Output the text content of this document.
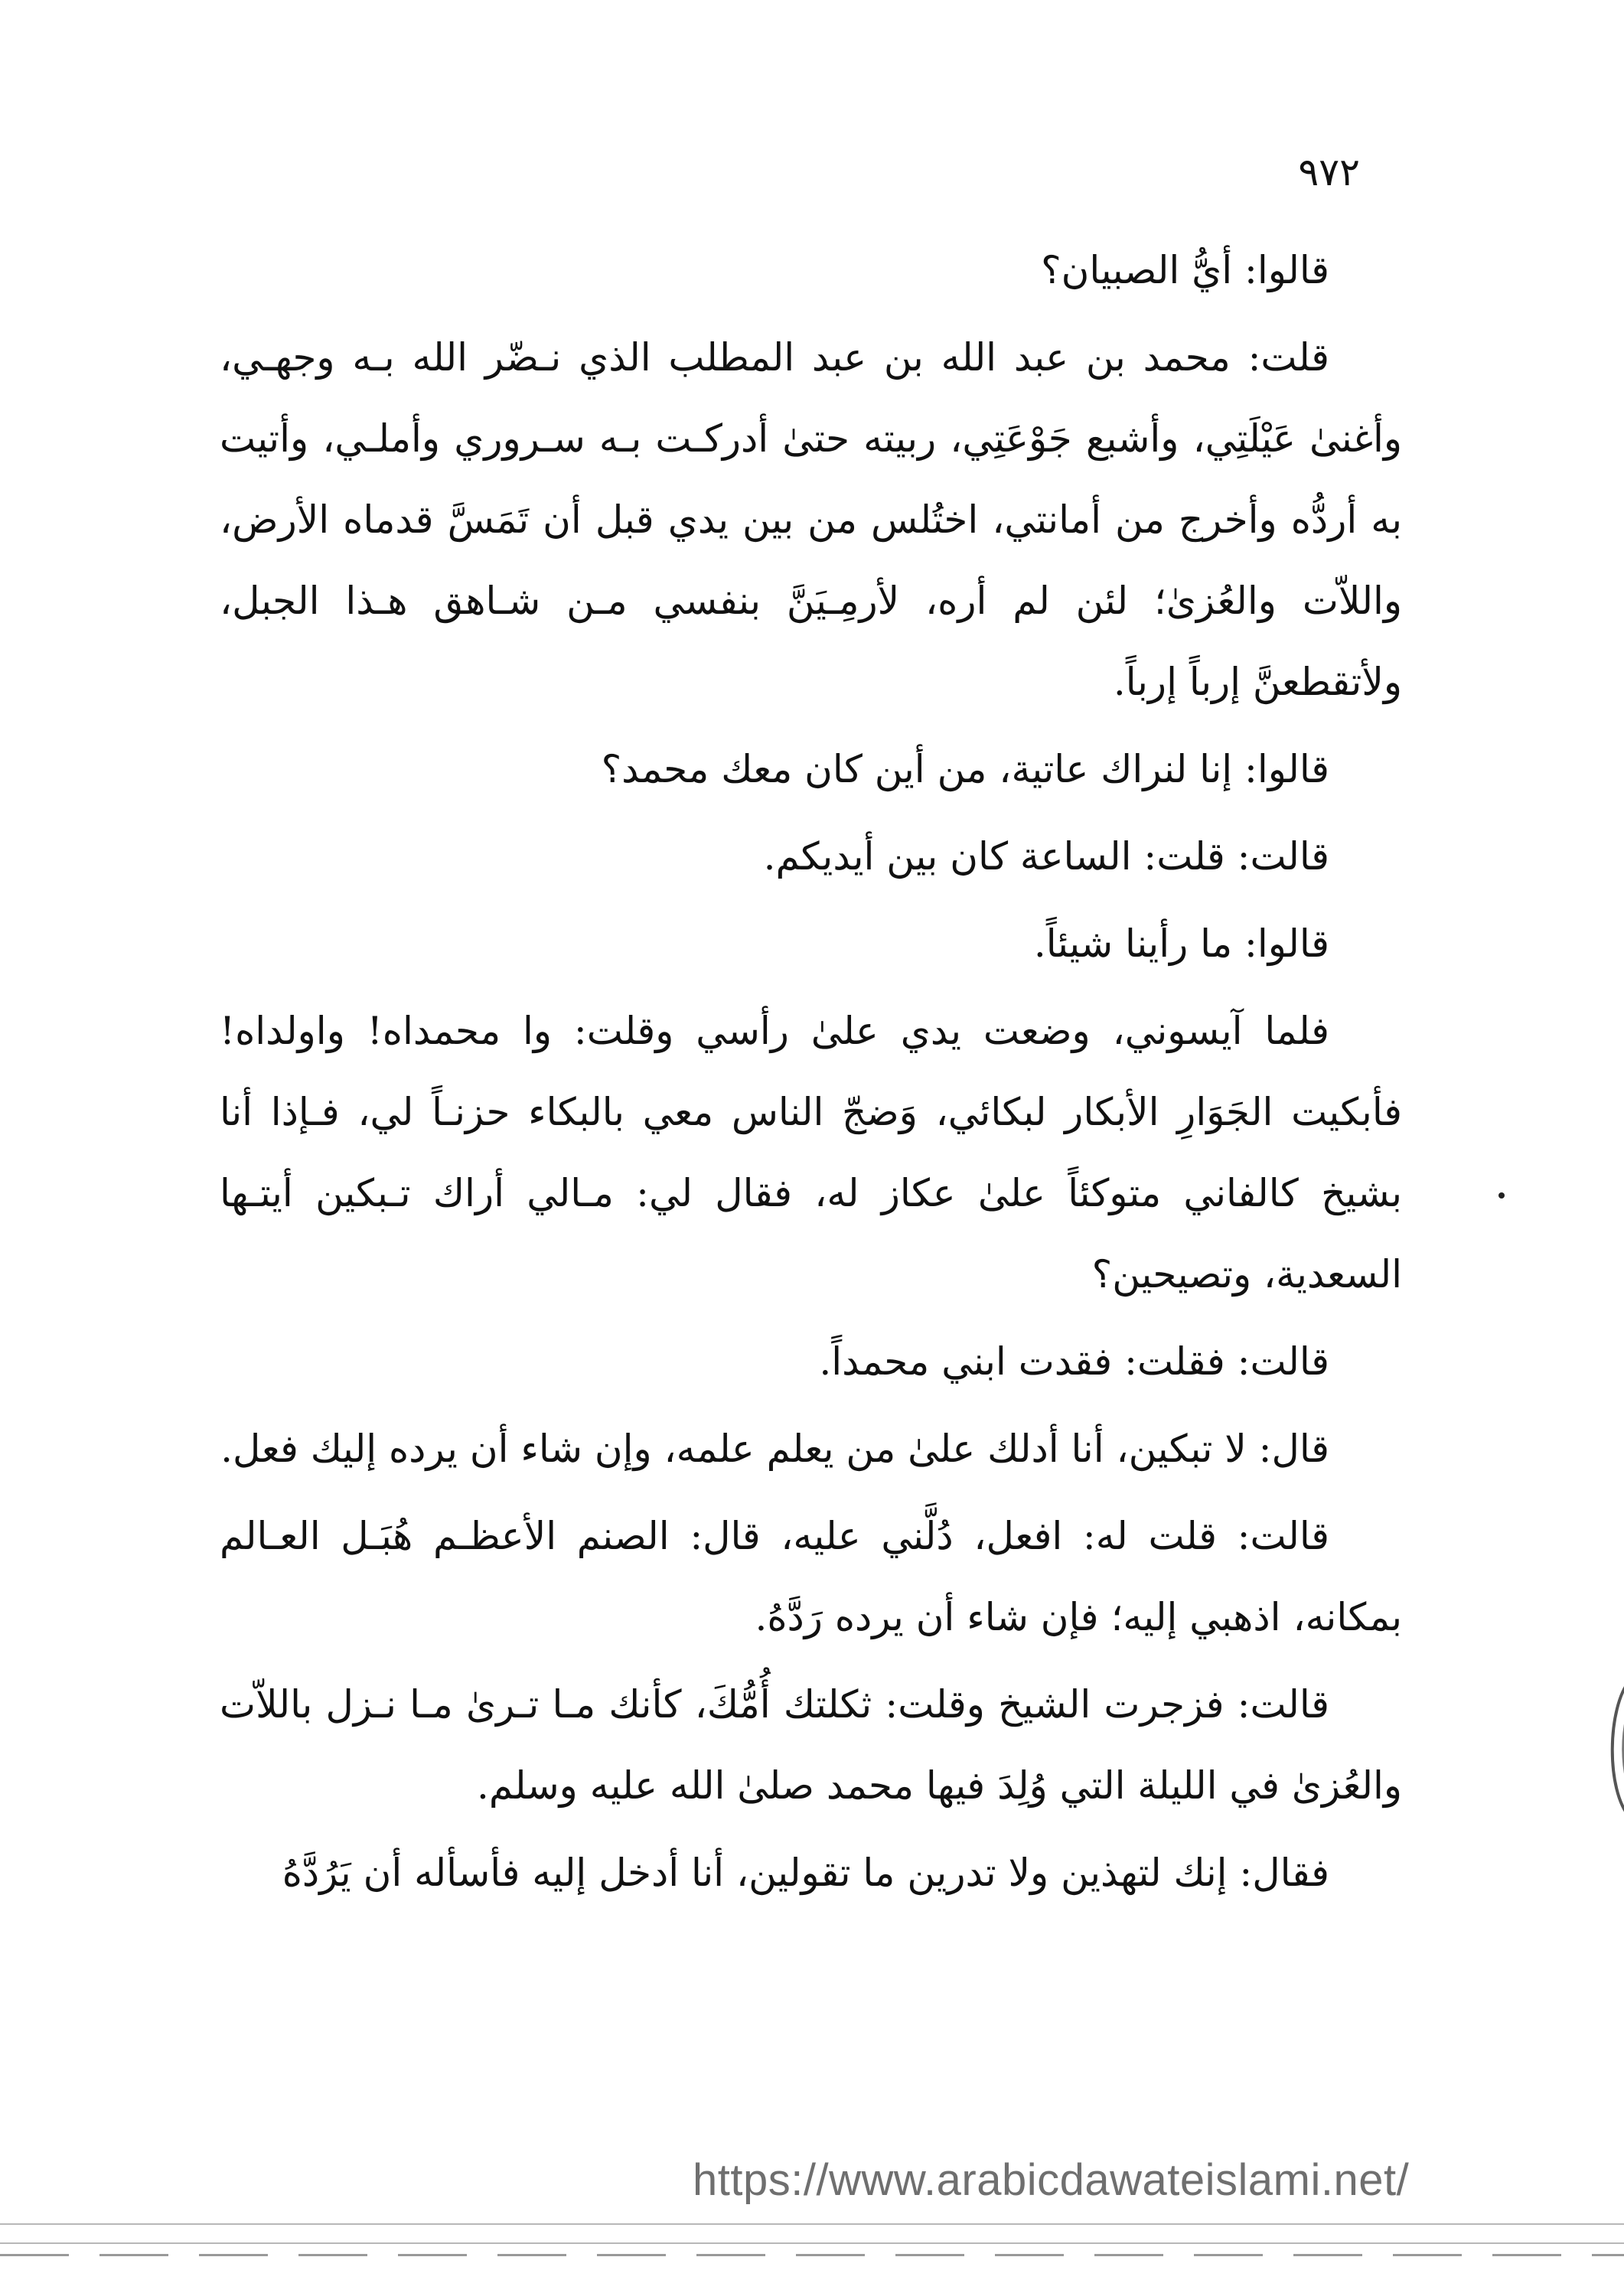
٩٧٢

قالوا: أيُّ الصبيان؟

قلت: محمد بن عبد الله بن عبد المطلب الذي نـضّر الله بـه وجهـي، وأغنىٰ عَيْلَتِي، وأشبع جَوْعَتِي، ربيته حتىٰ أدركـت بـه سـروري وأملـي، وأتيت به أردُّه وأخرج من أمانتي، اختُلس من بين يدي قبل أن تَمَسَّ قدماه الأرض، واللاّت والعُزىٰ؛ لئن لم أره، لأرمِـيَنَّ بنفسي مـن شـاهق هـذا الجبل، ولأتقطعنَّ إرباً إرباً.

قالوا: إنا لنراك عاتية، من أين كان معك محمد؟

قالت: قلت: الساعة كان بين أيديكم.

قالوا: ما رأينا شيئاً.

فلما آيسوني، وضعت يدي علىٰ رأسي وقلت: وا محمداه! واولداه! فأبكيت الجَوَارِ الأبكار لبكائي، وَضجّ الناس معي بالبكاء حزنـاً لي، فـإذا أنا بشيخ كالفاني متوكئاً علىٰ عكاز له، فقال لي: مـالي أراك تـبكين أيتـها السعدية، وتصيحين؟

قالت: فقلت: فقدت ابني محمداً.

قال: لا تبكين، أنا أدلك علىٰ من يعلم علمه، وإن شاء أن يرده إليك فعل.

قالت: قلت له: افعل، دُلَّني عليه، قال: الصنم الأعظـم هُبَـل العـالم بمكانه، اذهبي إليه؛ فإن شاء أن يرده رَدَّهُ.

قالت: فزجرت الشيخ وقلت: ثكلتك أُمُّكَ، كأنك مـا تـرىٰ مـا نـزل باللاّت والعُزىٰ في الليلة التي وُلِدَ فيها محمد صلىٰ الله عليه وسلم.

فقال: إنك لتهذين ولا تدرين ما تقولين، أنا أدخل إليه فأسأله أن يَرُدَّهُ

https://www.arabicdawateislami.net/
